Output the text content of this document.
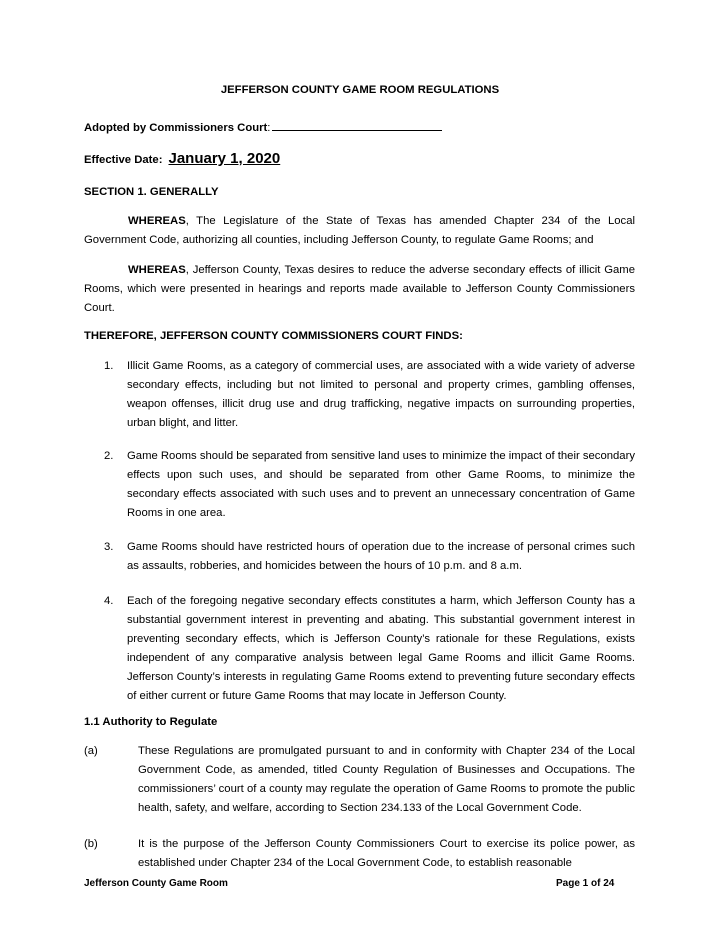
JEFFERSON COUNTY GAME ROOM REGULATIONS
Adopted by Commissioners Court:
Effective Date: January 1, 2020
SECTION 1. GENERALLY
WHEREAS, The Legislature of the State of Texas has amended Chapter 234 of the Local Government Code, authorizing all counties, including Jefferson County, to regulate Game Rooms; and
WHEREAS, Jefferson County, Texas desires to reduce the adverse secondary effects of illicit Game Rooms, which were presented in hearings and reports made available to Jefferson County Commissioners Court.
THEREFORE, JEFFERSON COUNTY COMMISSIONERS COURT FINDS:
1. Illicit Game Rooms, as a category of commercial uses, are associated with a wide variety of adverse secondary effects, including but not limited to personal and property crimes, gambling offenses, weapon offenses, illicit drug use and drug trafficking, negative impacts on surrounding properties, urban blight, and litter.
2. Game Rooms should be separated from sensitive land uses to minimize the impact of their secondary effects upon such uses, and should be separated from other Game Rooms, to minimize the secondary effects associated with such uses and to prevent an unnecessary concentration of Game Rooms in one area.
3. Game Rooms should have restricted hours of operation due to the increase of personal crimes such as assaults, robberies, and homicides between the hours of 10 p.m. and 8 a.m.
4. Each of the foregoing negative secondary effects constitutes a harm, which Jefferson County has a substantial government interest in preventing and abating. This substantial government interest in preventing secondary effects, which is Jefferson County’s rationale for these Regulations, exists independent of any comparative analysis between legal Game Rooms and illicit Game Rooms. Jefferson County’s interests in regulating Game Rooms extend to preventing future secondary effects of either current or future Game Rooms that may locate in Jefferson County.
1.1 Authority to Regulate
(a)	These Regulations are promulgated pursuant to and in conformity with Chapter 234 of the Local Government Code, as amended, titled County Regulation of Businesses and Occupations. The commissioners’ court of a county may regulate the operation of Game Rooms to promote the public health, safety, and welfare, according to Section 234.133 of the Local Government Code.
(b)	It is the purpose of the Jefferson County Commissioners Court to exercise its police power, as established under Chapter 234 of the Local Government Code, to establish reasonable
Jefferson County Game Room	Page 1 of 24
